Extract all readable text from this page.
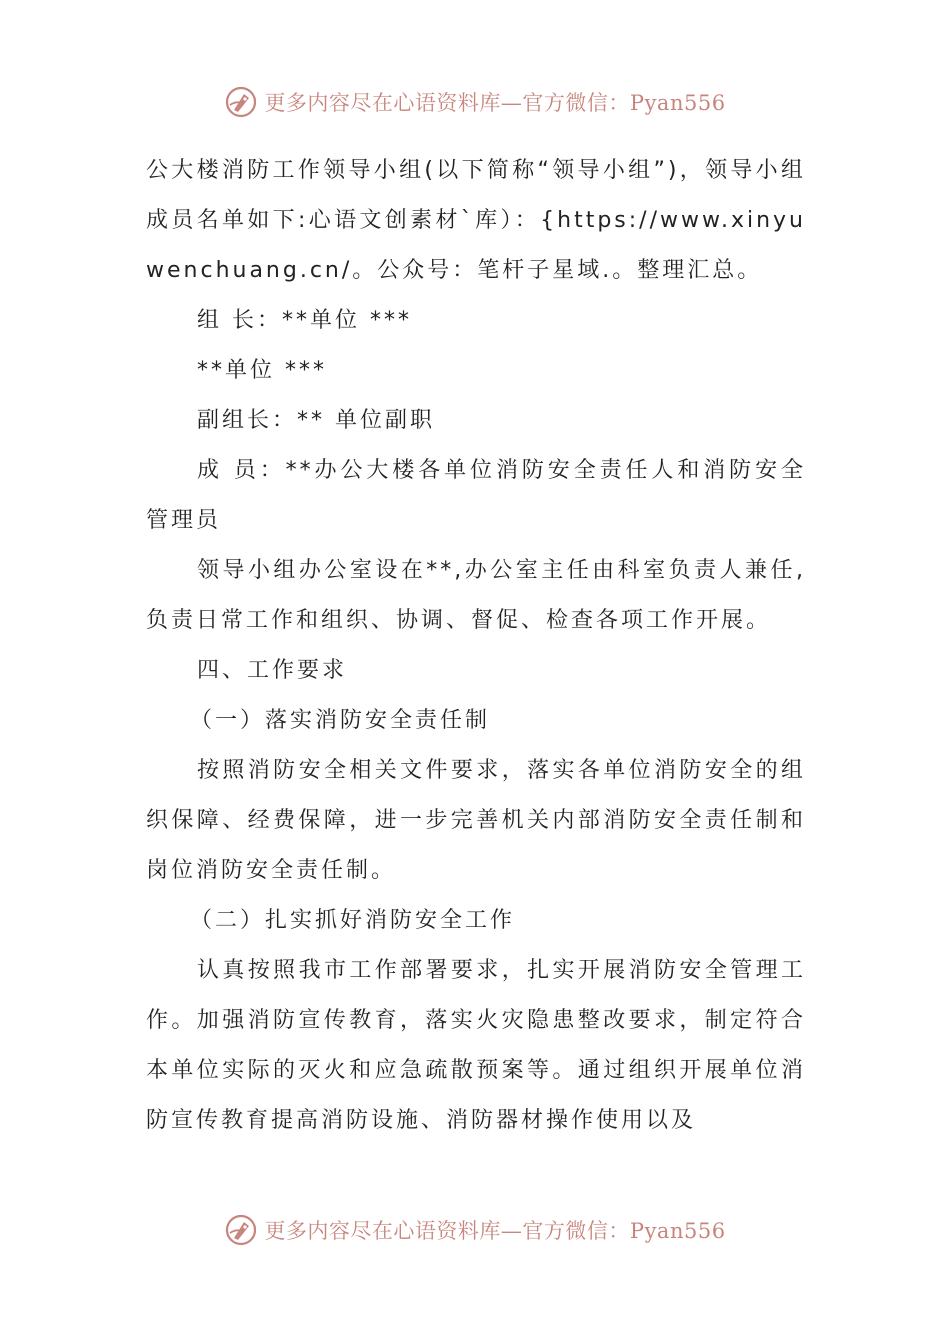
更多内容尽在心语资料库—官方微信：Pyan556

公大楼消防工作领导小组(以下简称“领导小组”)，领导小组成员名单如下:心语文创素材`库）：{https://www.xinyuwenchuang.cn/。公众号：笔杆子星域.。整理汇总。

组 长：**单位 ***

**单位 ***

副组长：** 单位副职

成 员：**办公大楼各单位消防安全责任人和消防安全管理员

领导小组办公室设在**,办公室主任由科室负责人兼任,负责日常工作和组织、协调、督促、检查各项工作开展。

四、工作要求

（一）落实消防安全责任制

按照消防安全相关文件要求，落实各单位消防安全的组织保障、经费保障，进一步完善机关内部消防安全责任制和岗位消防安全责任制。

（二）扎实抓好消防安全工作

认真按照我市工作部署要求，扎实开展消防安全管理工作。加强消防宣传教育，落实火灾隐患整改要求，制定符合本单位实际的灭火和应急疏散预案等。通过组织开展单位消防宣传教育提高消防设施、消防器材操作使用以及

更多内容尽在心语资料库—官方微信：Pyan556
